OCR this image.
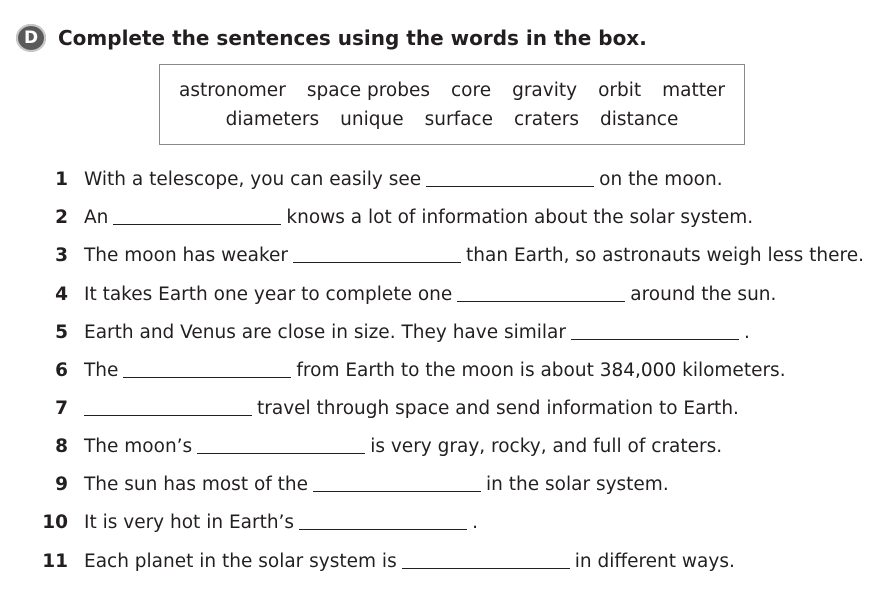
D Complete the sentences using the words in the box.
astronomer space probes core gravity orbit matter
diameters unique surface craters distance
1 With a telescope, you can easily see	on the moon.
2 An	knows a lot of information about the solar system.
3 The moon has weaker	than Earth, so astronauts weigh less there.
4 It takes Earth one year to complete one	around the sun.
5 Earth and Venus are close in size. They have similar	.
6 The	from Earth to the moon is about 384,000 kilometers.
7	travel through space and send information to Earth.
8 The moon’s	is very gray, rocky, and full of craters.
9 The sun has most of the	in the solar system.
10 It is very hot in Earth’s	.
11 Each planet in the solar system is	in different ways.
